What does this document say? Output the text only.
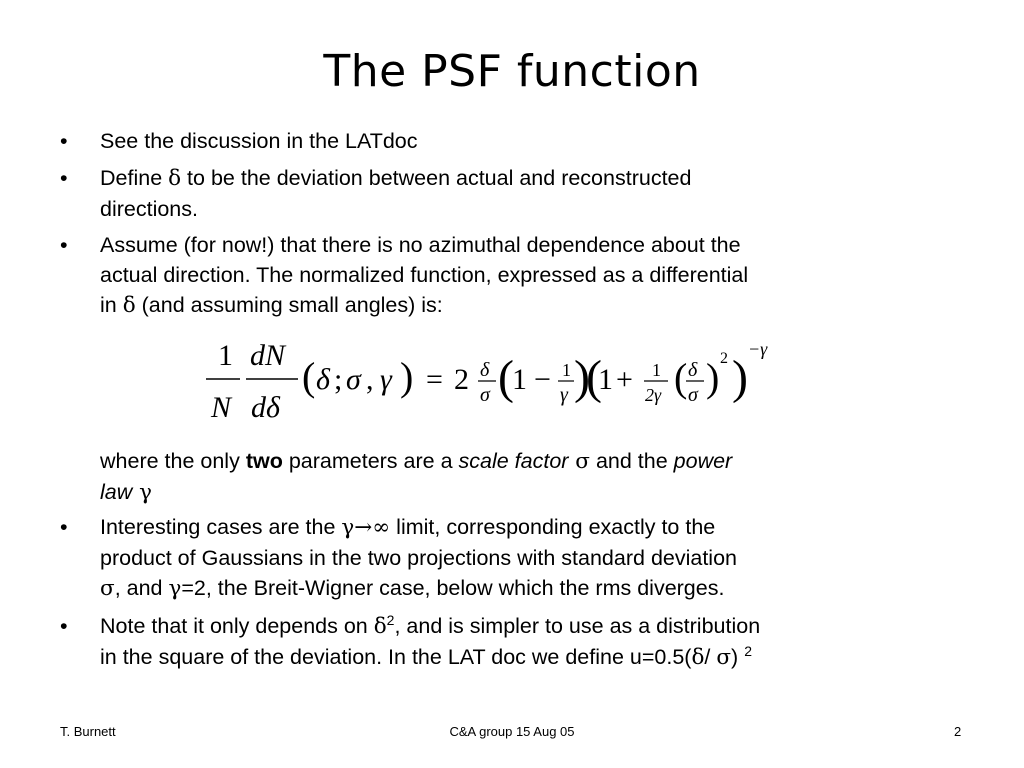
The PSF function
•	See the discussion in the LATdoc
•	Define δ to be the deviation between actual and reconstructed
directions.
•	Assume (for now!) that there is no azimuthal dependence about the
actual direction. The normalized function, expressed as a differential
in δ (and assuming small angles) is:
1
N
dN
dδ
( δ ; σ , γ ) = 2 δ
σ (
1 − 1
γ )
(
1 + 1
2γ ( δ
σ ) 2 )
−γ
where the only two parameters are a scale factor σ and the power
law γ
•	Interesting cases are the γ→∞ limit, corresponding exactly to the
product of Gaussians in the two projections with standard deviation
σ, and γ=2, the Breit-Wigner case, below which the rms diverges.
•	Note that it only depends on $\delta^2$, and is simpler to use as a distribution
in the square of the deviation. In the LAT doc we define u=0.5(δ/ σ) $^2$
T. Burnett	C&A group 15 Aug 05	2
